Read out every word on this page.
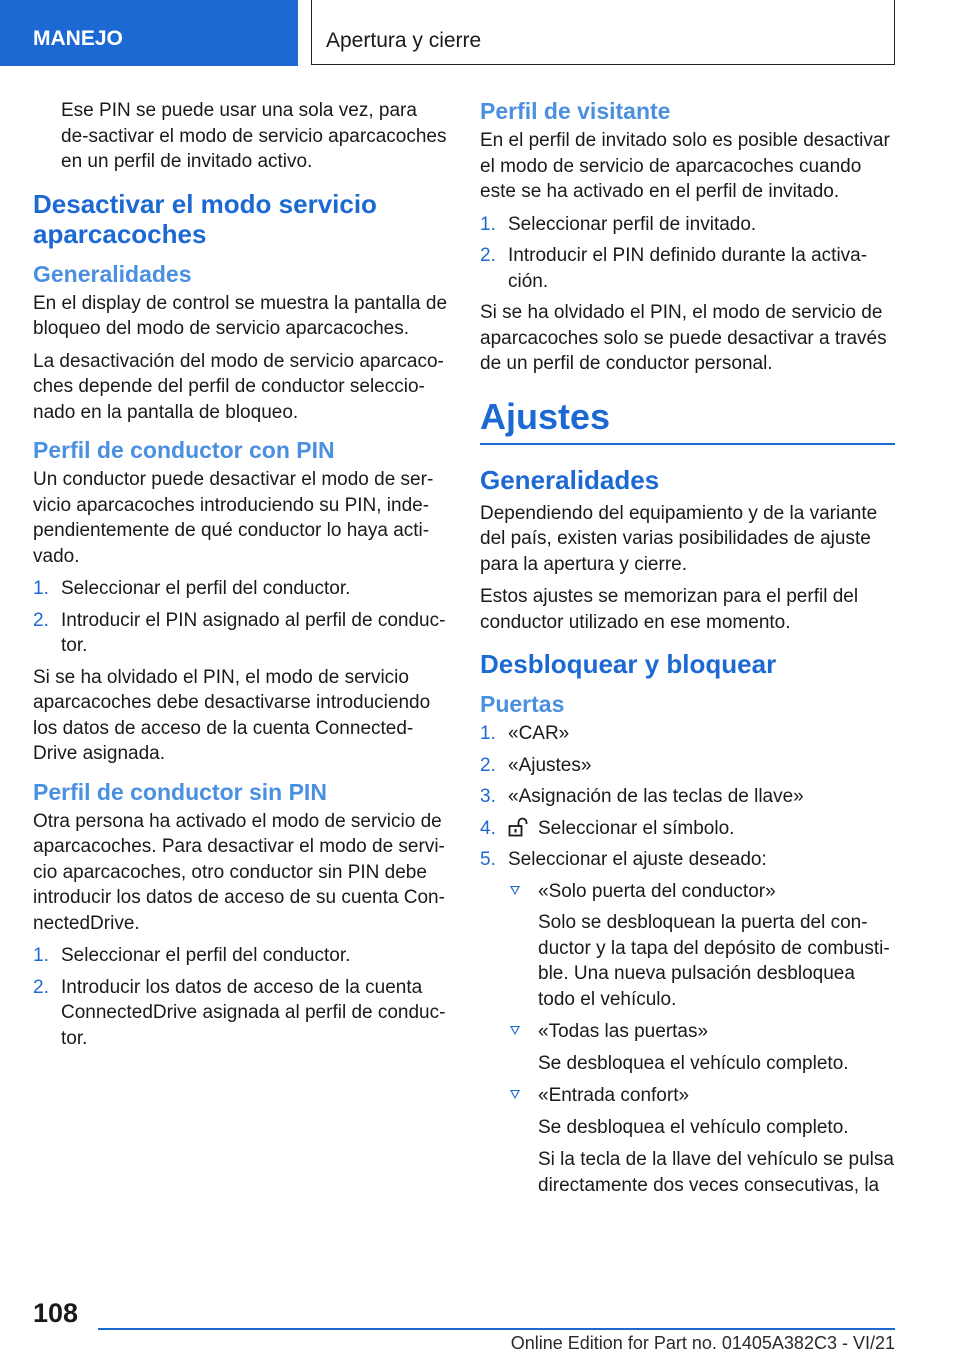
MANEJO	Apertura y cierre

Ese PIN se puede usar una sola vez, para de-sactivar el modo de servicio aparcacoches en un perfil de invitado activo.

Desactivar el modo servicio aparcacoches
Generalidades

En el display de control se muestra la pantalla de bloqueo del modo de servicio aparcacoches.

La desactivación del modo de servicio aparcaco-ches depende del perfil de conductor seleccio-nado en la pantalla de bloqueo.

Perfil de conductor con PIN

Un conductor puede desactivar el modo de ser-vicio aparcacoches introduciendo su PIN, inde-pendientemente de qué conductor lo haya acti-vado.

1. Seleccionar el perfil del conductor.
2. Introducir el PIN asignado al perfil de conduc-tor.

Si se ha olvidado el PIN, el modo de servicio aparcacoches debe desactivarse introduciendo los datos de acceso de la cuenta Connected-Drive asignada.

Perfil de conductor sin PIN

Otra persona ha activado el modo de servicio de aparcacoches. Para desactivar el modo de servi-cio aparcacoches, otro conductor sin PIN debe introducir los datos de acceso de su cuenta Con-nectedDrive.

1. Seleccionar el perfil del conductor.
2. Introducir los datos de acceso de la cuenta ConnectedDrive asignada al perfil de conduc-tor.
Perfil de visitante

En el perfil de invitado solo es posible desactivar el modo de servicio de aparcacoches cuando este se ha activado en el perfil de invitado.

1. Seleccionar perfil de invitado.
2. Introducir el PIN definido durante la activa-ción.

Si se ha olvidado el PIN, el modo de servicio de aparcacoches solo se puede desactivar a través de un perfil de conductor personal.

Ajustes
Generalidades

Dependiendo del equipamiento y de la variante del país, existen varias posibilidades de ajuste para la apertura y cierre.

Estos ajustes se memorizan para el perfil del conductor utilizado en ese momento.

Desbloquear y bloquear
Puertas
1. «CAR»
2. «Ajustes»
3. «Asignación de las teclas de llave»
4. Seleccionar el símbolo.
5. Seleccionar el ajuste deseado:
«Solo puerta del conductor»

Solo se desbloquean la puerta del con-ductor y la tapa del depósito de combusti-ble. Una nueva pulsación desbloquea todo el vehículo.

«Todas las puertas»

Se desbloquea el vehículo completo.

«Entrada confort»

Se desbloquea el vehículo completo.

Si la tecla de la llave del vehículo se pulsa directamente dos veces consecutivas, la

108
Online Edition for Part no. 01405A382C3 - VI/21
